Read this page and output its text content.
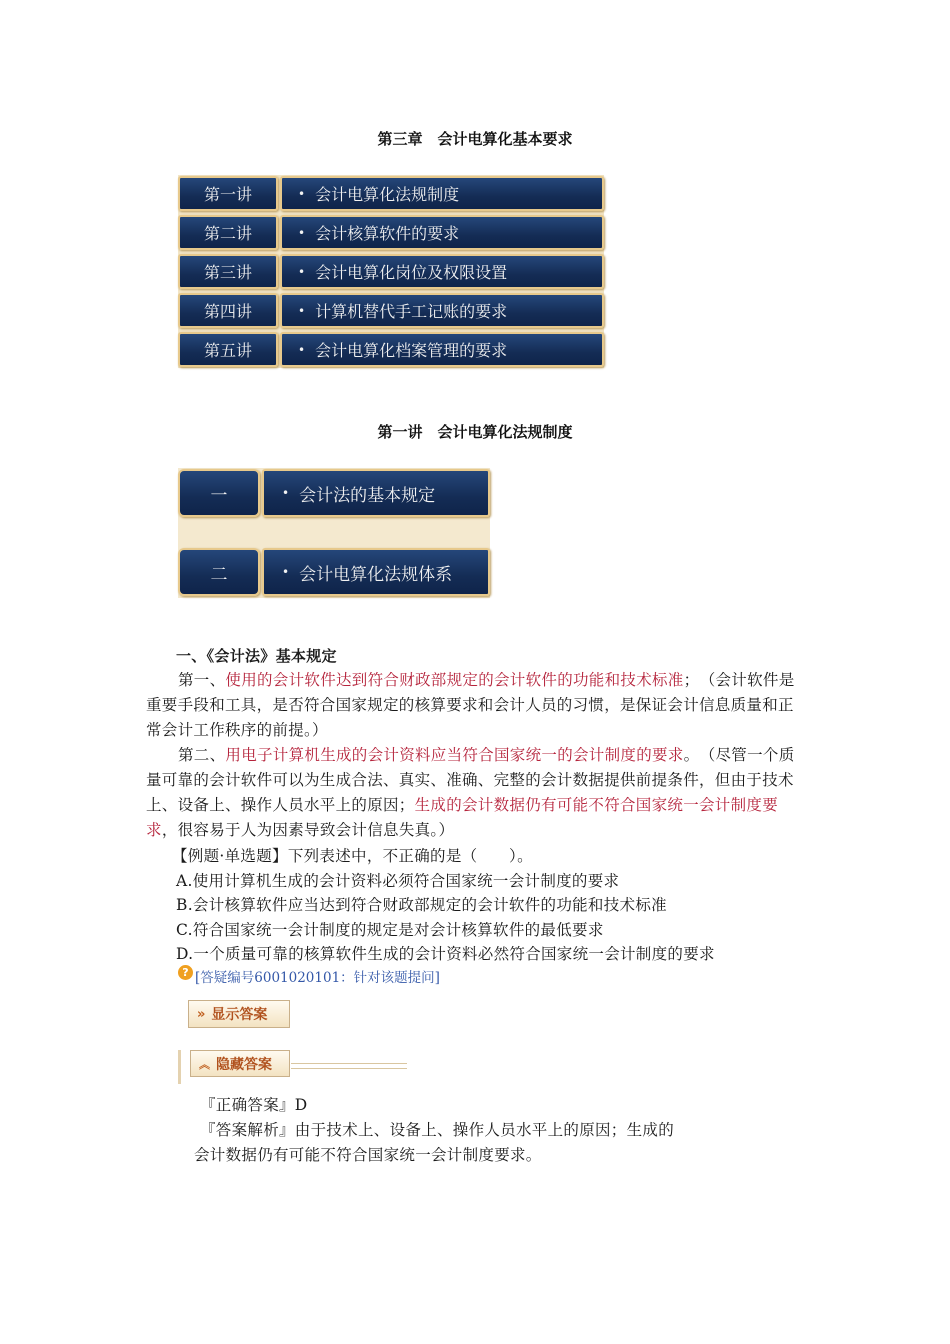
第三章　会计电算化基本要求
第一讲	• 会计电算化法规制度
第二讲	• 会计核算软件的要求
第三讲	• 会计电算化岗位及权限设置
第四讲	• 计算机替代手工记账的要求
第五讲	• 会计电算化档案管理的要求
第一讲　会计电算化法规制度
一	• 会计法的基本规定
二	• 会计电算化法规体系
一、《会计法》基本规定
第一、使用的会计软件达到符合财政部规定的会计软件的功能和技术标准；　（会计软件是重要手段和工具，是否符合国家规定的核算要求和会计人员的习惯，是保证会计信息质量和正常会计工作秩序的前提。）
第二、用电子计算机生成的会计资料应当符合国家统一的会计制度的要求。　（尽管一个质量可靠的会计软件可以为生成合法、真实、准确、完整的会计数据提供前提条件，但由于技术上、设备上、操作人员水平上的原因；生成的会计数据仍有可能不符合国家统一会计制度要求，很容易于人为因素导致会计信息失真。）
【例题·单选题】下列表述中，不正确的是（　　）。
A.使用计算机生成的会计资料必须符合国家统一会计制度的要求
B.会计核算软件应当达到符合财政部规定的会计软件的功能和技术标准
C.符合国家统一会计制度的规定是对会计核算软件的最低要求
D.一个质量可靠的核算软件生成的会计资料必然符合国家统一会计制度的要求
? [答疑编号6001020101：针对该题提问]
» 显示答案
︽ 隐藏答案
『正确答案』D
『答案解析』由于技术上、设备上、操作人员水平上的原因；生成的
会计数据仍有可能不符合国家统一会计制度要求。
